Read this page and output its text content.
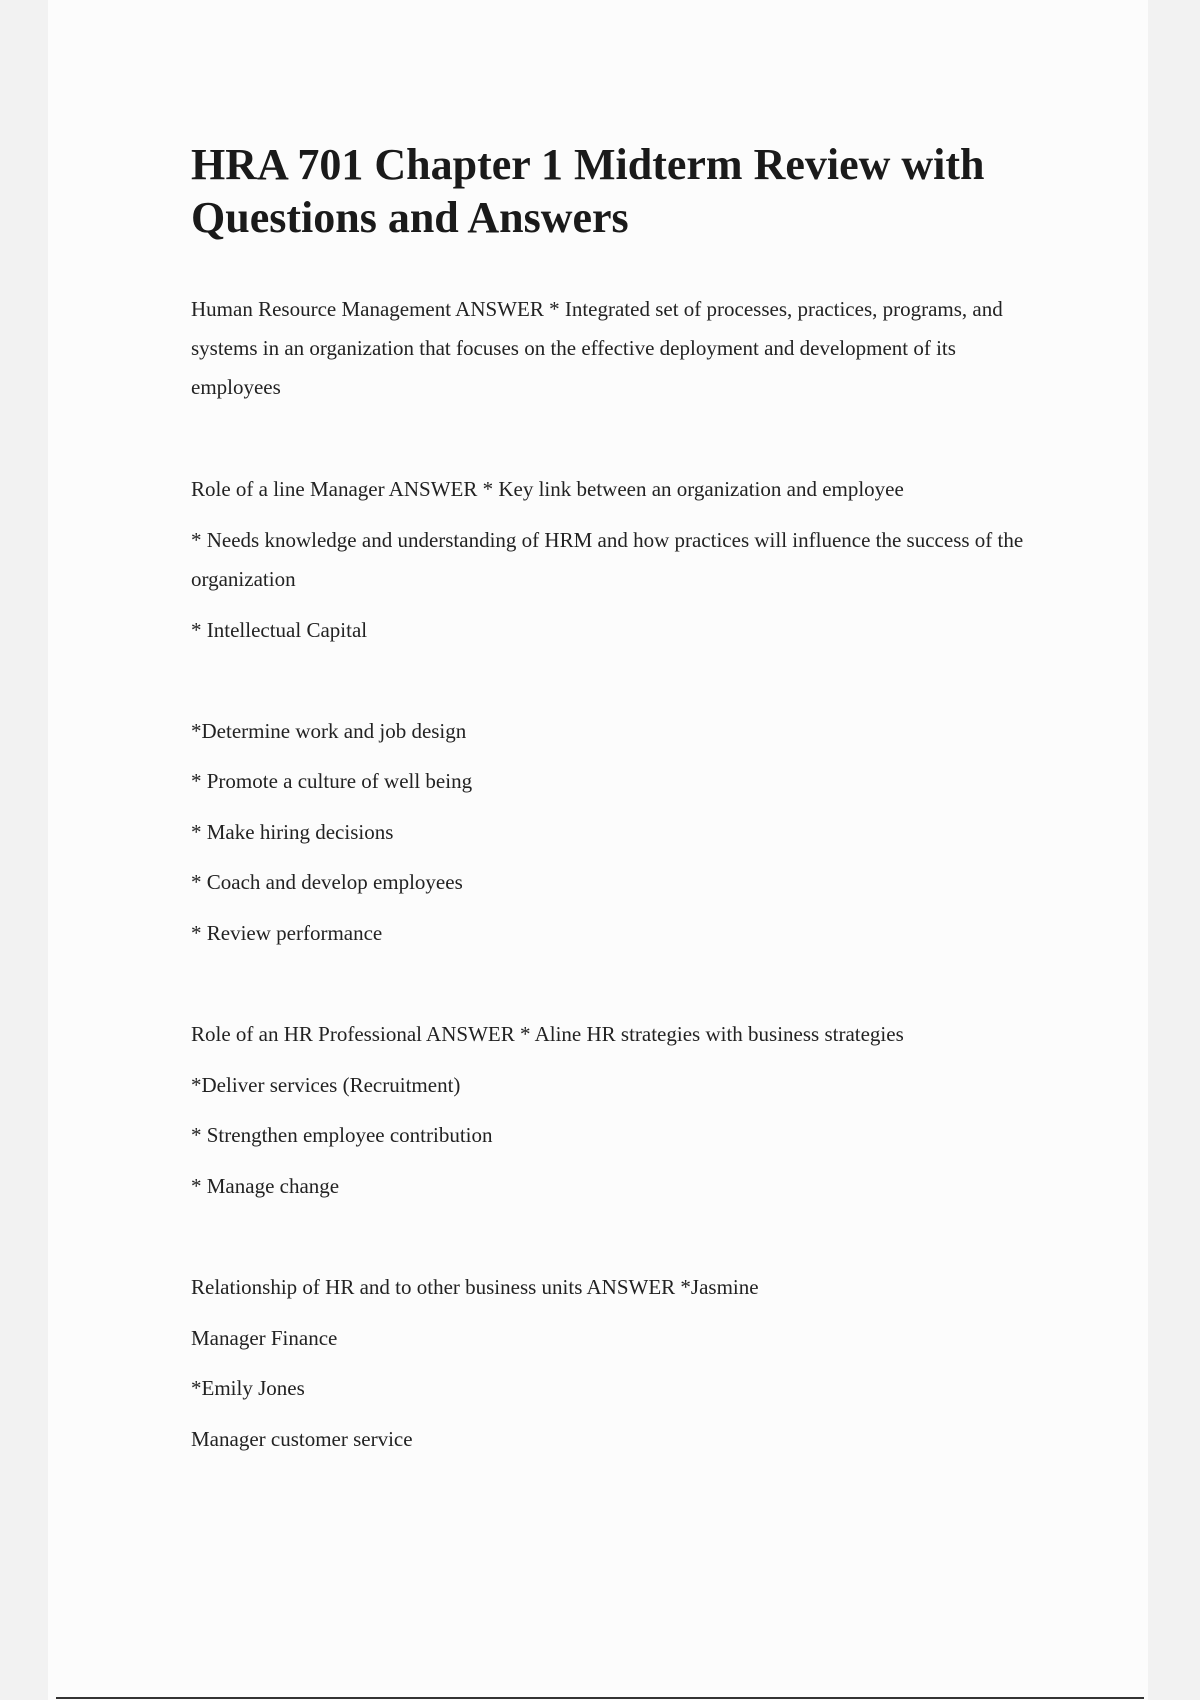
HRA 701 Chapter 1 Midterm Review with Questions and Answers

Human Resource Management ANSWER * Integrated set of processes, practices, programs, and systems in an organization that focuses on the effective deployment and development of its employees

Role of a line Manager ANSWER * Key link between an organization and employee

* Needs knowledge and understanding of HRM and how practices will influence the success of the organization

* Intellectual Capital

*Determine work and job design

* Promote a culture of well being

* Make hiring decisions

* Coach and develop employees

* Review performance

Role of an HR Professional ANSWER * Aline HR strategies with business strategies

*Deliver services (Recruitment)

* Strengthen employee contribution

* Manage change

Relationship of HR and to other business units ANSWER *Jasmine

Manager Finance

*Emily Jones

Manager customer service
